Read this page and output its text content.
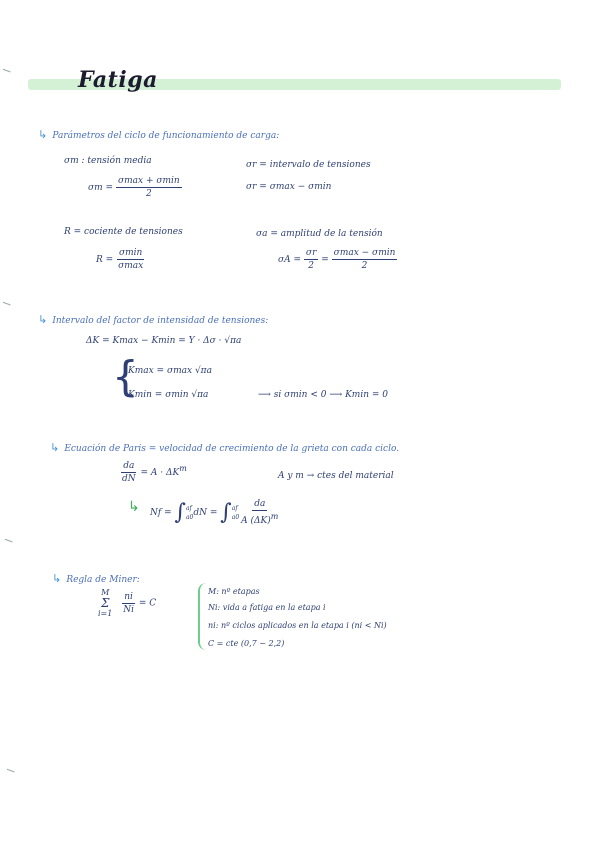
Fatiga
↳ Parámetros del ciclo de funcionamiento de carga:
σm : tensión media	σr = intervalo de tensiones
$\sigma m = \frac{\sigma\max + \sigma\min}{2}$	σr = σmax − σmin
R = cociente de tensiones	σa = amplitud de la tensión
$R = \frac{\sigma\min}{\sigma\max}$	$\sigma A = \frac{\sigma r}{2} = \frac{\sigma\max - \sigma\min}{2}$
↳ Intervalo del factor de intensidad de tensiones:
ΔK = Kmax − Kmin = Y · Δσ · √πa
{
Kmax = σmax √πa
Kmin = σmin √πa	⟶ si σmin < 0 ⟶ Kmin = 0
↳ Ecuación de Paris = velocidad de crecimiento de la grieta con cada ciclo.
$\frac{da}{dN} = A \cdot \Delta K^m$
A y m → ctes del material
↳ Nf = ∫ af
a0 dN = ∫ af
$a0 \frac{da}{A (\Delta K)^m}$
↳ Regla de Miner:
M
Σ
i=1
$\frac{ni}{Ni} = C$
M: nº etapas
Ni: vida a fatiga en la etapa i
ni: nº ciclos aplicados en la etapa i (ni < Ni)
C = cte (0,7 − 2,2)
